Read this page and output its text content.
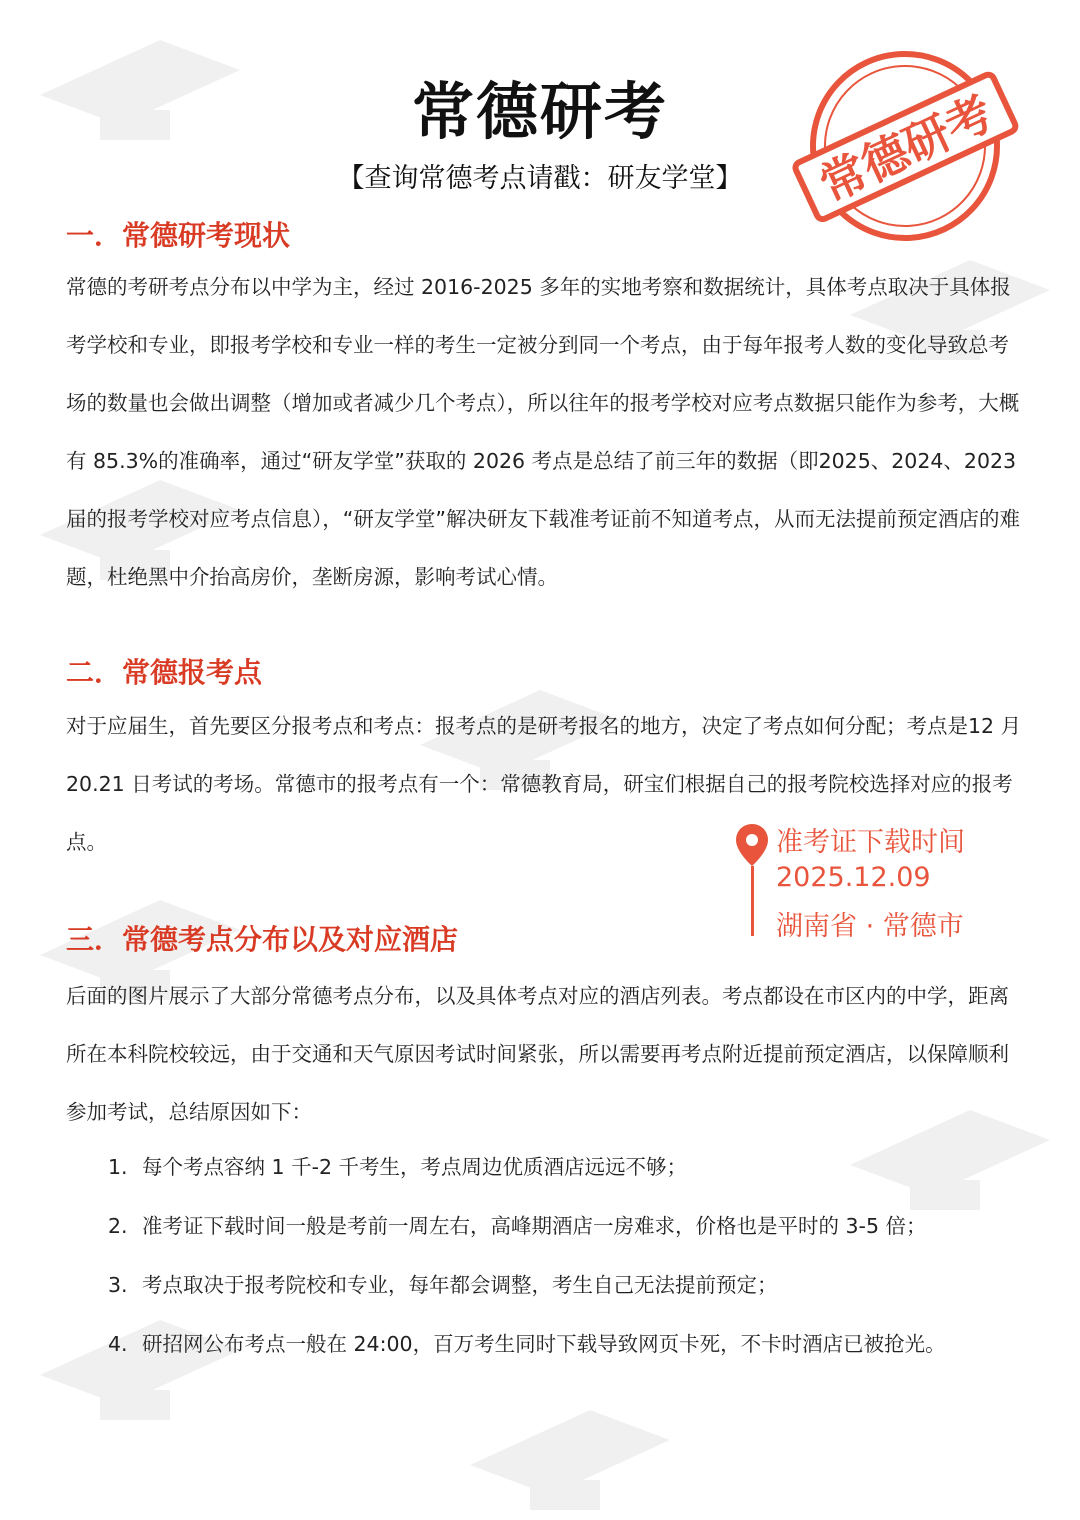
常德研考
【查询常德考点请戳：研友学堂】	常德研考
一．常德研考现状

常德的考研考点分布以中学为主，经过 2016-2025 多年的实地考察和数据统计，具体考点取决于具体报考学校和专业，即报考学校和专业一样的考生一定被分到同一个考点，由于每年报考人数的变化导致总考场的数量也会做出调整（增加或者减少几个考点），所以往年的报考学校对应考点数据只能作为参考，大概有 85.3%的准确率，通过“研友学堂”获取的 2026 考点是总结了前三年的数据（即2025、2024、2023 届的报考学校对应考点信息），“研友学堂”解决研友下载准考证前不知道考点，从而无法提前预定酒店的难题，杜绝黑中介抬高房价，垄断房源，影响考试心情。

二．常德报考点

对于应届生，首先要区分报考点和考点：报考点的是研考报名的地方，决定了考点如何分配；考点是12 月 20.21 日考试的考场。常德市的报考点有一个：常德教育局，研宝们根据自己的报考院校选择对应的报考点。	准考证下载时间
2025.12.09
湖南省 · 常德市
三．常德考点分布以及对应酒店

后面的图片展示了大部分常德考点分布，以及具体考点对应的酒店列表。考点都设在市区内的中学，距离所在本科院校较远，由于交通和天气原因考试时间紧张，所以需要再考点附近提前预定酒店，以保障顺利参加考试，总结原因如下：

1. 每个考点容纳 1 千-2 千考生，考点周边优质酒店远远不够；
2. 准考证下载时间一般是考前一周左右，高峰期酒店一房难求，价格也是平时的 3-5 倍；
3. 考点取决于报考院校和专业，每年都会调整，考生自己无法提前预定；
4. 研招网公布考点一般在 24:00，百万考生同时下载导致网页卡死，不卡时酒店已被抢光。
